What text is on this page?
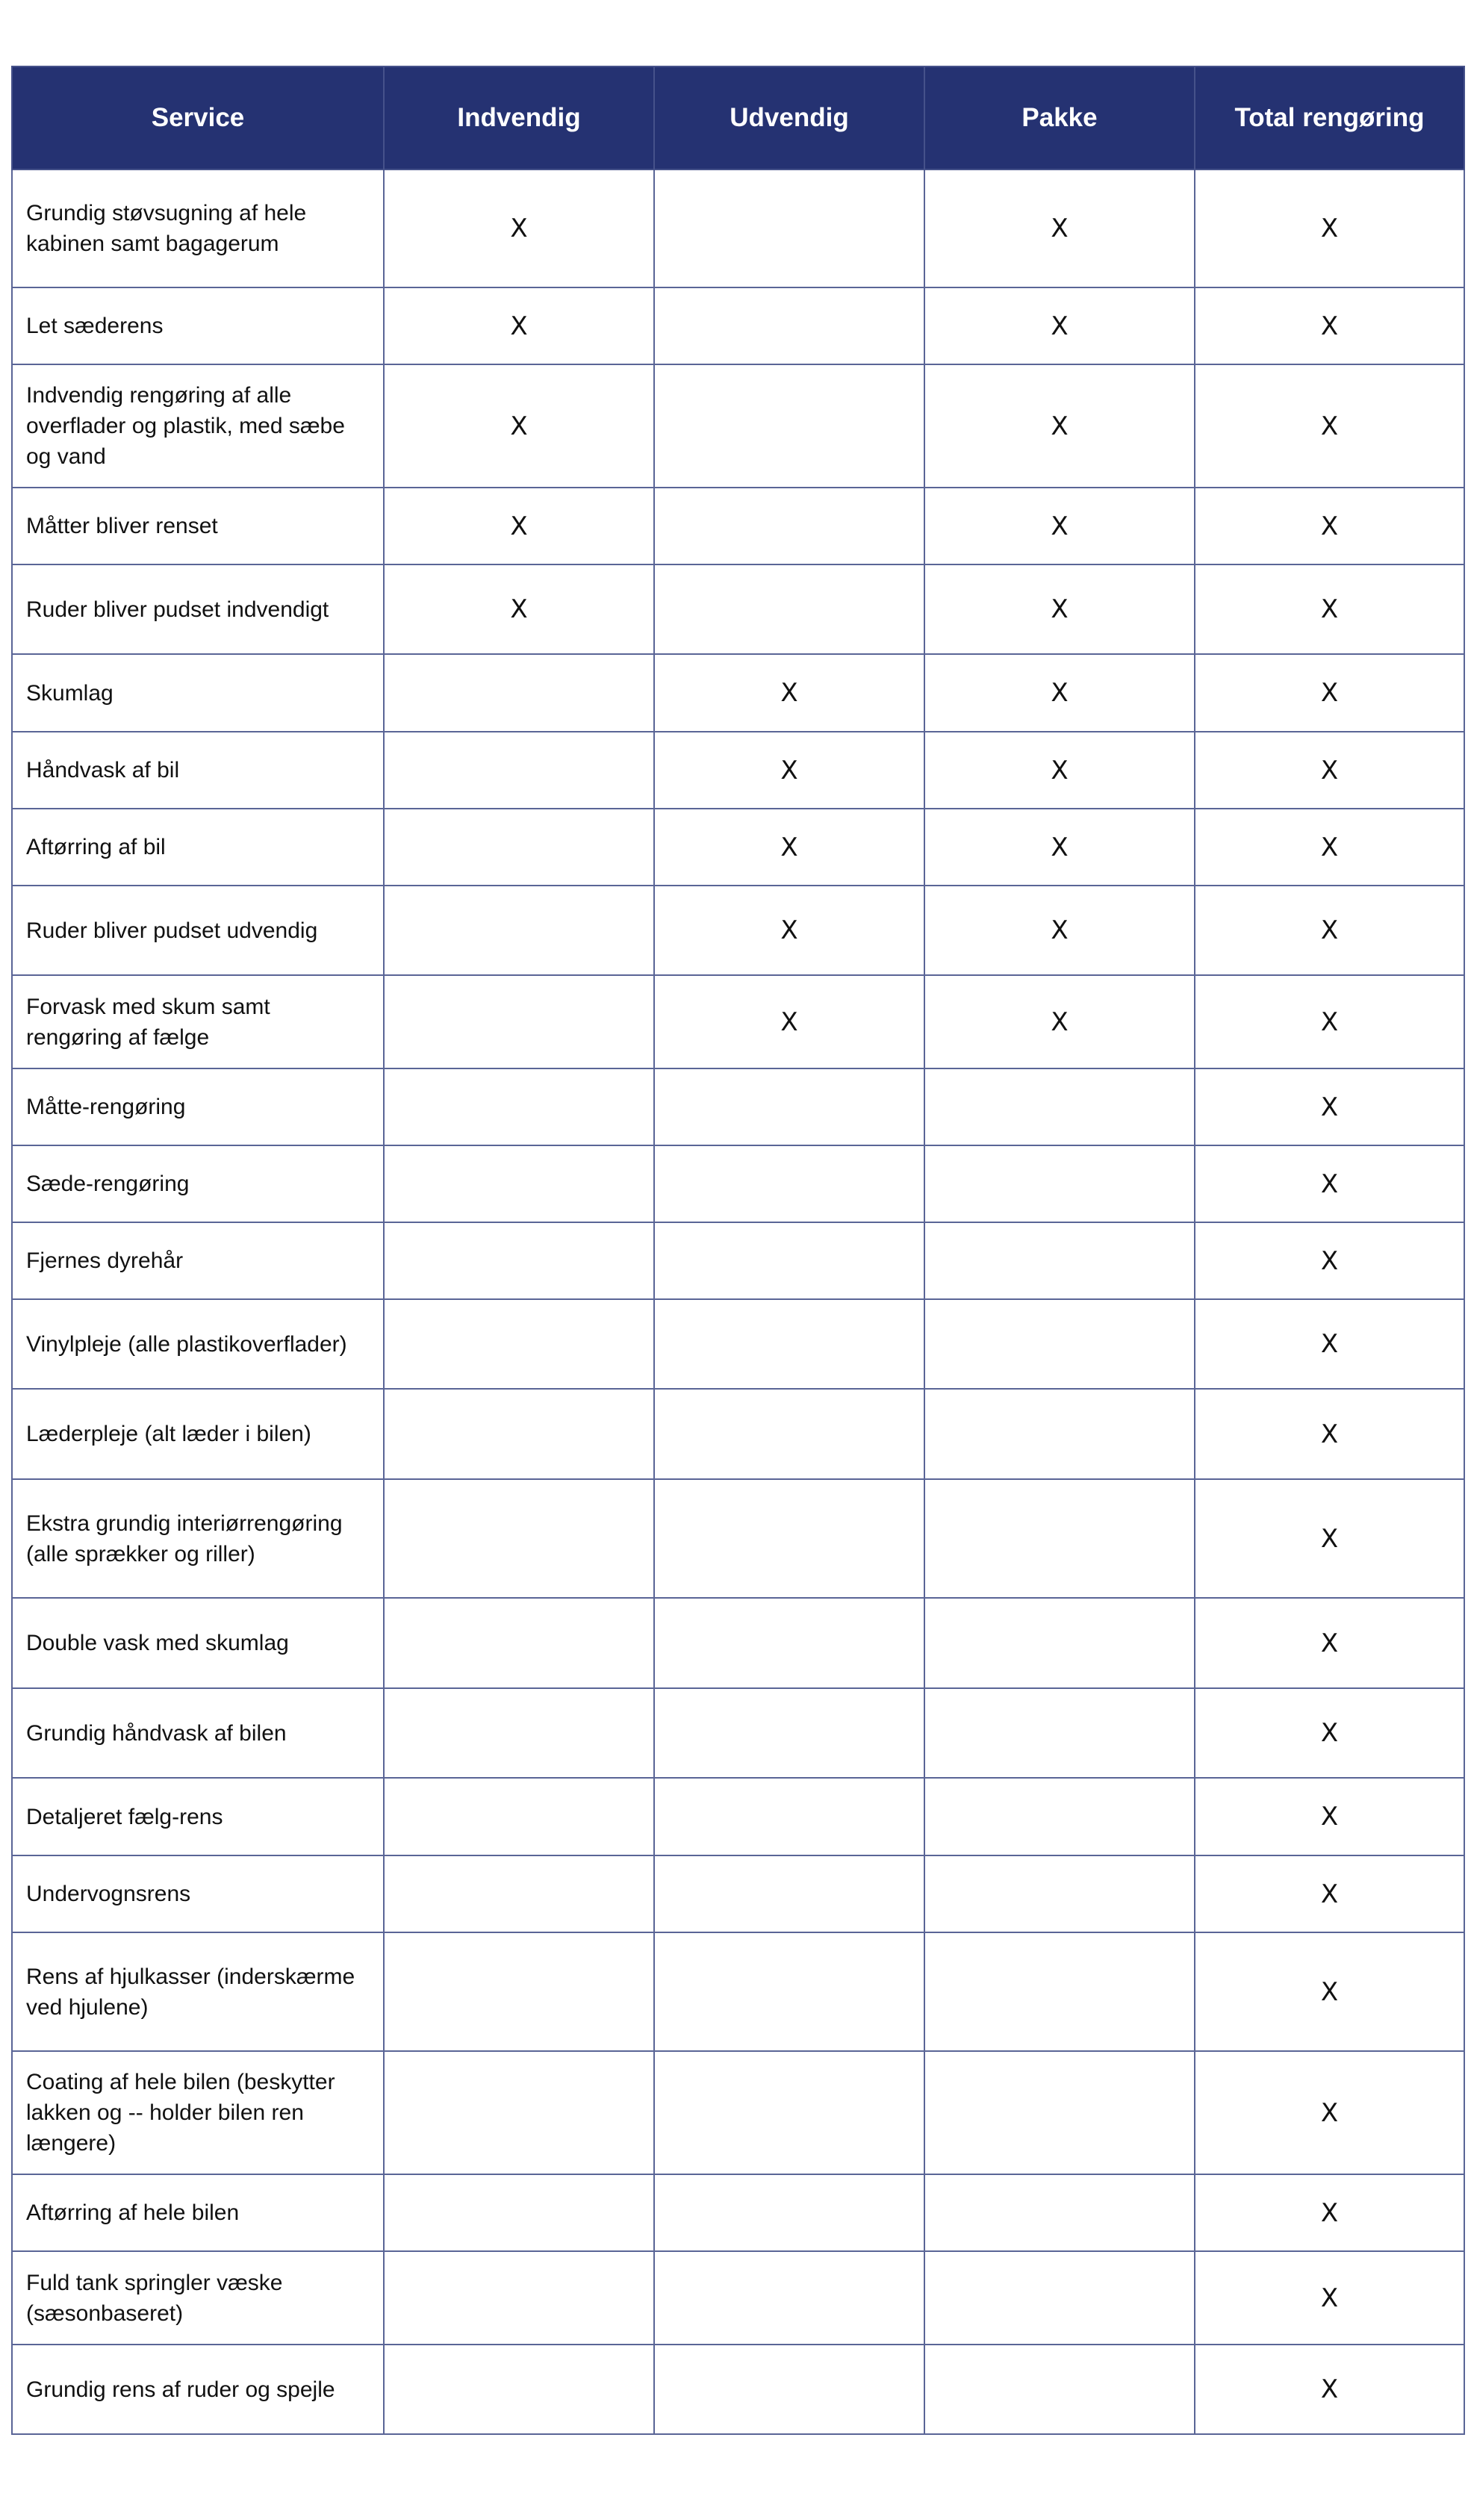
Service	Indvendig	Udvendig	Pakke	Total rengøring
Grundig støvsugning af hele kabinen samt bagagerum	X		X	X
Let sæderens	X		X	X
Indvendig rengøring af alle overflader og plastik, med sæbe og vand	X		X	X
Måtter bliver renset	X		X	X
Ruder bliver pudset indvendigt	X		X	X
Skumlag		X	X	X
Håndvask af bil		X	X	X
Aftørring af bil		X	X	X
Ruder bliver pudset udvendig		X	X	X
Forvask med skum samt rengøring af fælge		X	X	X
Måtte-rengøring				X
Sæde-rengøring				X
Fjernes dyrehår				X
Vinylpleje (alle plastikoverflader)				X
Læderpleje (alt læder i bilen)				X
Ekstra grundig interiørrengøring (alle sprækker og riller)				X
Double vask med skumlag				X
Grundig håndvask af bilen				X
Detaljeret fælg-rens				X
Undervognsrens				X
Rens af hjulkasser (inderskærme ved hjulene)				X
Coating af hele bilen (beskytter lakken og -- holder bilen ren længere)				X
Aftørring af hele bilen				X
Fuld tank springler væske (sæsonbaseret)				X
Grundig rens af ruder og spejle				X
